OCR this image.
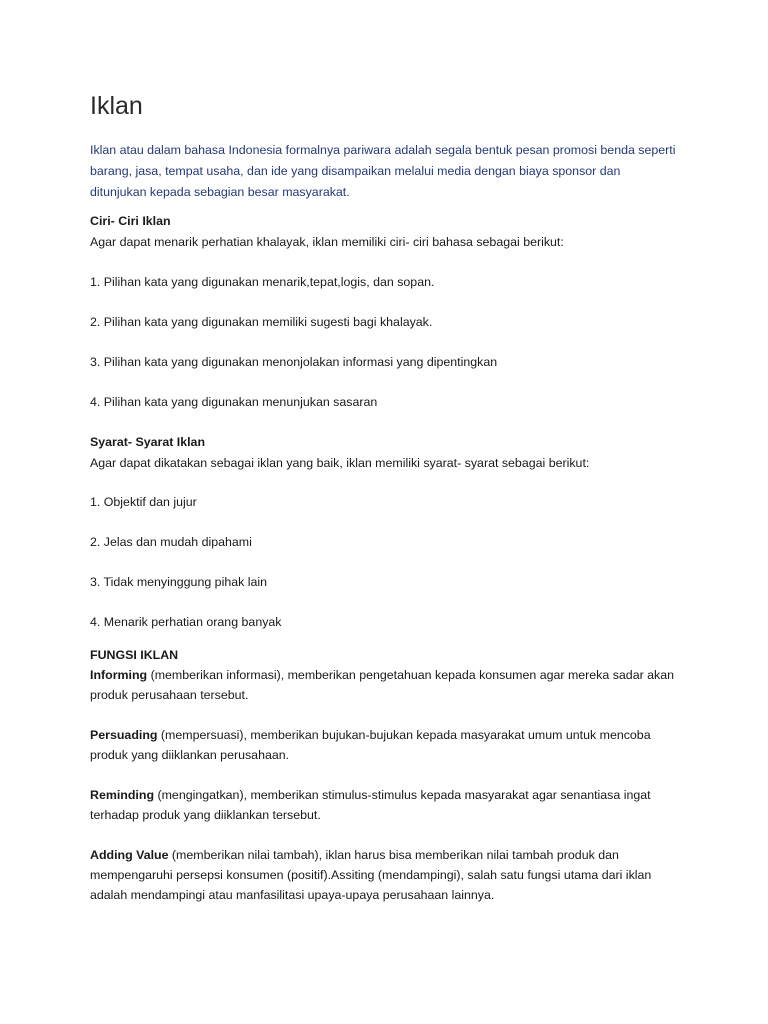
Iklan
Iklan atau dalam bahasa Indonesia formalnya pariwara adalah segala bentuk pesan promosi benda seperti barang, jasa, tempat usaha, dan ide yang disampaikan melalui media dengan biaya sponsor dan ditunjukan kepada sebagian besar masyarakat.
Ciri- Ciri Iklan
Agar dapat menarik perhatian khalayak, iklan memiliki ciri- ciri bahasa sebagai berikut:
1. Pilihan kata yang digunakan menarik,tepat,logis, dan sopan.
2. Pilihan kata yang digunakan memiliki sugesti bagi khalayak.
3. Pilihan kata yang digunakan menonjolakan informasi yang dipentingkan
4. Pilihan kata yang digunakan menunjukan sasaran
Syarat- Syarat Iklan
Agar dapat dikatakan sebagai iklan yang baik, iklan memiliki syarat- syarat sebagai berikut:
1. Objektif dan jujur
2. Jelas dan mudah dipahami
3. Tidak menyinggung pihak lain
4. Menarik perhatian orang banyak
FUNGSI IKLAN
Informing (memberikan informasi), memberikan pengetahuan kepada konsumen agar mereka sadar akan produk perusahaan tersebut.
Persuading (mempersuasi), memberikan bujukan-bujukan kepada masyarakat umum untuk mencoba produk yang diiklankan perusahaan.
Reminding (mengingatkan), memberikan stimulus-stimulus kepada masyarakat agar senantiasa ingat terhadap produk yang diiklankan tersebut.
Adding Value (memberikan nilai tambah), iklan harus bisa memberikan nilai tambah produk dan mempengaruhi persepsi konsumen (positif).Assiting (mendampingi), salah satu fungsi utama dari iklan adalah mendampingi atau manfasilitasi upaya-upaya perusahaan lainnya.
